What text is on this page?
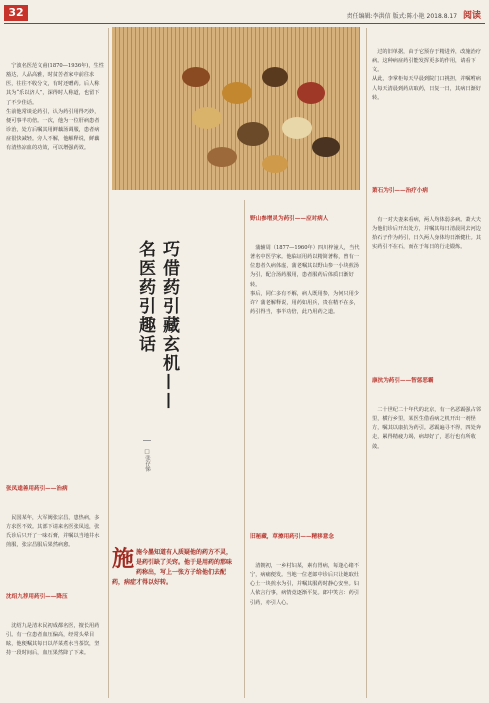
32	责任编辑:李洪信 版式:陈小艳 2018.8.17 阅读

宁波名医范文甫(1870—1936年)，生性豁达，人品高雅，时贫苦者家中前往求医，往往不收分文，有时还赠药。后人称其为“乐以济人”，深得时人称道，也留下了不少佳话。
生前他常谈论药引，认为药引用得巧妙，便可事半功倍。一次，他为一位肝病患者诊治，处方后嘱其用鲜藕汤调服，患者病症很快减轻。旁人不解，他解释说，鲜藕有清热凉血的功效，可以增强药效。

张凤逵善用药引——治病

民国某年，大军阀张宗昌，患热病，多方求医不效。其部下请来名医张凤逵，张氏诊后只开了一味石膏，并嘱以当地井水煎服，张宗昌服后果然病愈。

沈绍九荐用药引——降压

沈绍九是清末民初成都名医，擅长用药引。有一位患者血压偏高，经常头晕目眩，他便嘱其每日以芹菜煮水当茶饮，坚持一段时间后，血压果然降了下来。

巧借药引藏玄机——名医药引趣话
□张存悌
施 施今墨知道有人质疑他的药方不灵，是药引缺了关窍。他于是用药的那味药称出，写上一张方子给他们去配药，病症才得以好转。
野山参增灵为药引——应对病人

蒲辅周（1877—1960年）四川梓潼人，当代著名中医学家。他临证用药以精简著称，曾有一位患者久病体虚，蒲老嘱其以野山参一小块煎汤为引，配合汤药服用，患者服药后体质日渐好转。
事后，同仁多有不解，病人既用参，为何只用少许？蒲老解释说，用药如用兵，贵在精不在多，药引得当，事半功倍，此乃用药之道。

旧秘藏，草擦用药引——精移意念

清朝初，一乡村妇某，素有胃病，每逢心绪不宁，病痛便发。当地一位老郎中诊后只让她取灶心土一块煎水为引，并嘱其服药时静心安坐。妇人依言行事，病情竟逐渐平复。郎中笑言：药引引药，亦引人心。

过的旧单据，由于它预存于精进养，改施治疗病。这种病症药引能发挥更多的作用，请看下文。
从此，李掌柜每天早晨到院门口挑担，并嘱咐病人每天清晨到药店取药，日复一日，其病日渐好转。

萧石为引——治疗小病

有一对夫妻来看病，两人均体弱多病。萧大夫为他们诊后开出处方，并嘱其每日清晨同去河边拾石子作为药引，日久两人身体均日渐健壮。其实药引不在石，而在于每日的行走锻炼。

康抗为药引——智惩恶霸

二十世纪二十年代的北京，有一名恶霸强占邻里，横行乡里，某医生借看病之机开出一剂怪方，嘱其以康抗为药引。恶霸遍寻不得，四处奔走，累得精疲力竭，病却好了，恶行也有所收敛。
